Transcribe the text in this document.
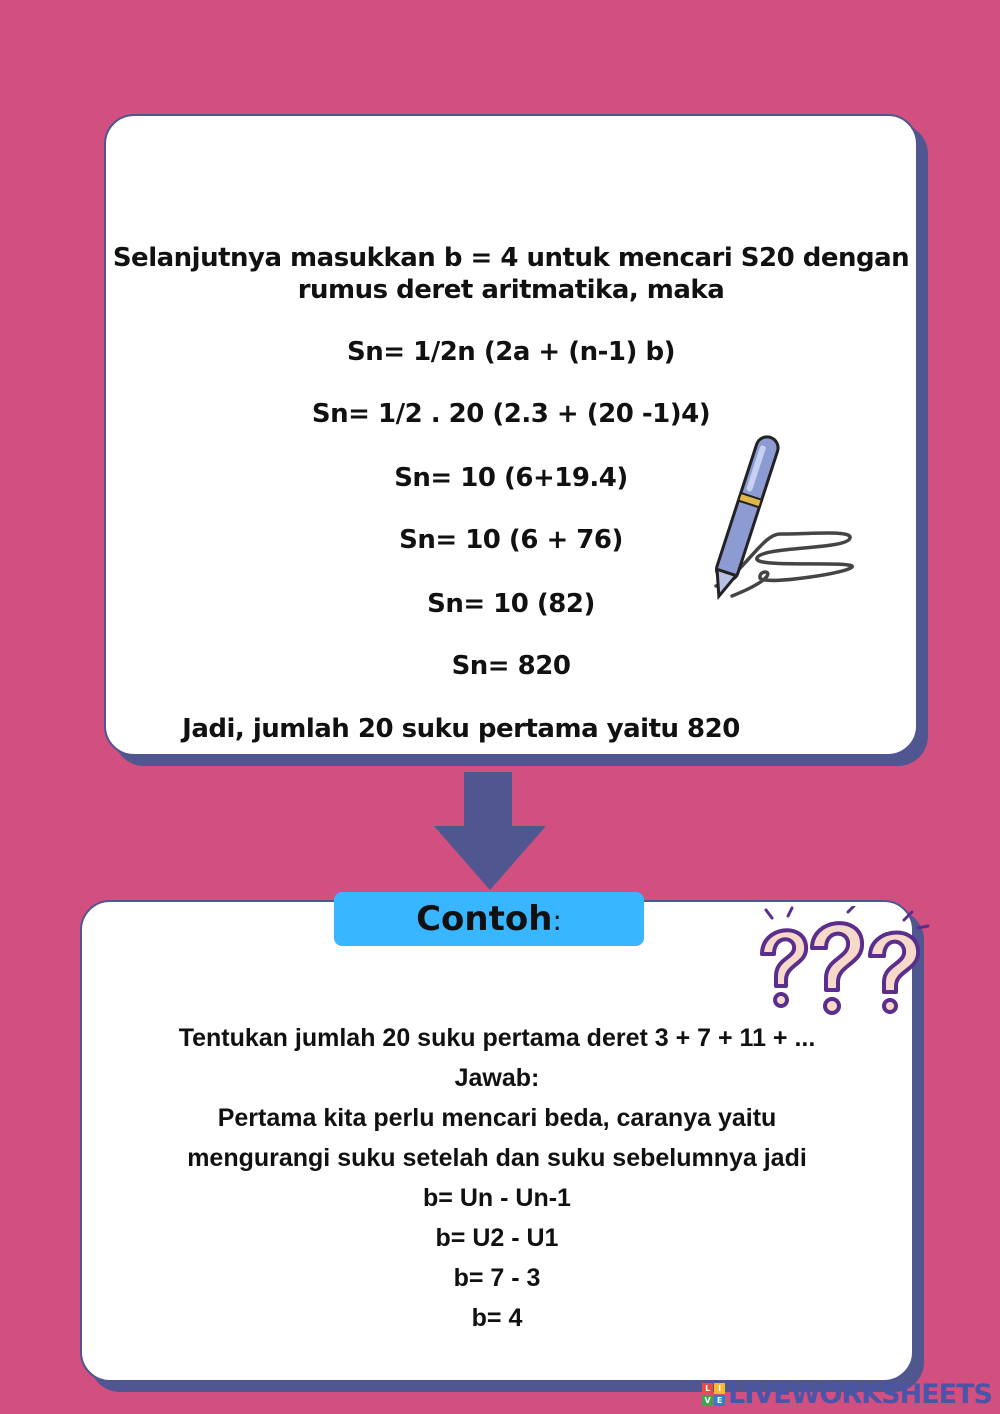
Selanjutnya masukkan b = 4 untuk mencari S20 dengan
rumus deret aritmatika, maka
Sn= 1/2n (2a + (n-1) b)
Sn= 1/2 . 20 (2.3 + (20 -1)4)
Sn= 10 (6+19.4)
Sn= 10 (6 + 76)
Sn= 10 (82)
Sn= 820
Jadi, jumlah 20 suku pertama yaitu 820
Contoh:
Tentukan jumlah 20 suku pertama deret 3 + 7 + 11 + ...
Jawab:
Pertama kita perlu mencari beda, caranya yaitu
mengurangi suku setelah dan suku sebelumnya jadi
b= Un - Un-1
b= U2 - U1
b= 7 - 3
b= 4
L I
V E LIVEWORKSHEETS
